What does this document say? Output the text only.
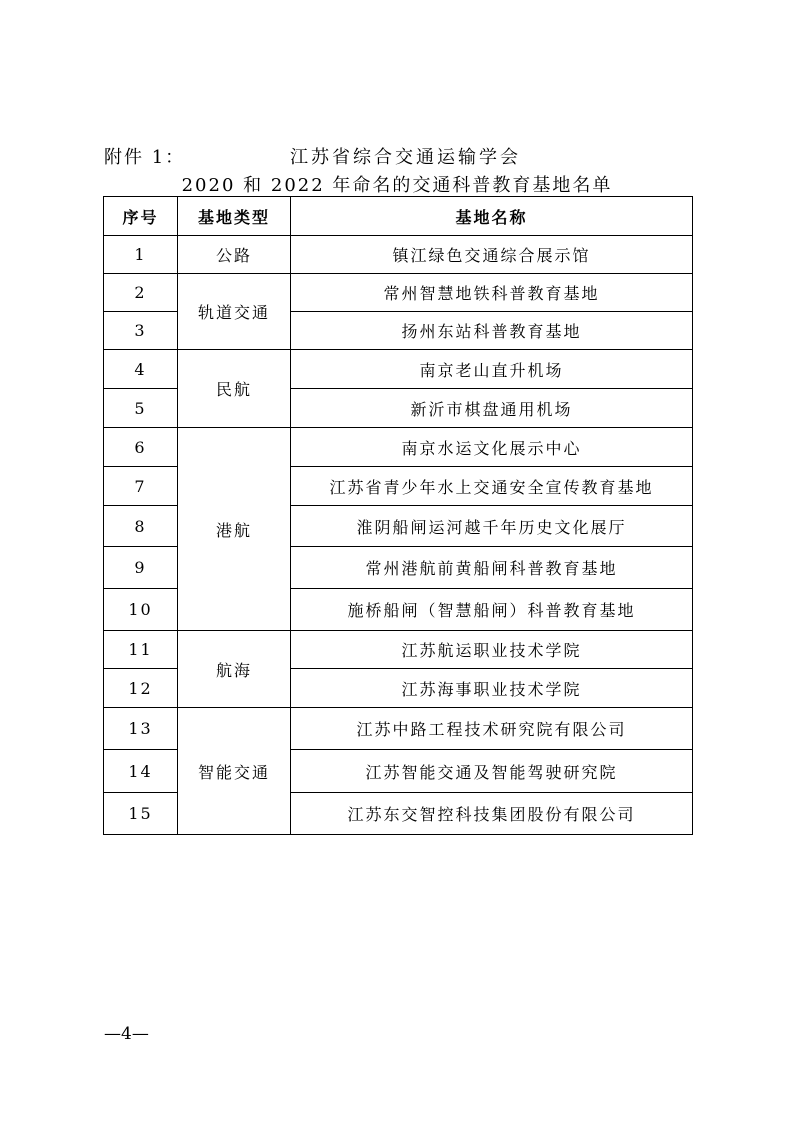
附件 1：	江苏省综合交通运输学会
2020 和 2022 年命名的交通科普教育基地名单
序号	基地类型	基地名称
1	公路	镇江绿色交通综合展示馆
2	轨道交通	常州智慧地铁科普教育基地
3		扬州东站科普教育基地
4	民航	南京老山直升机场
5		新沂市棋盘通用机场
6	港航	南京水运文化展示中心
7		江苏省青少年水上交通安全宣传教育基地
8		淮阴船闸运河越千年历史文化展厅
9		常州港航前黄船闸科普教育基地
10		施桥船闸（智慧船闸）科普教育基地
11	航海	江苏航运职业技术学院
12		江苏海事职业技术学院
13	智能交通	江苏中路工程技术研究院有限公司
14		江苏智能交通及智能驾驶研究院
15		江苏东交智控科技集团股份有限公司
—4—
